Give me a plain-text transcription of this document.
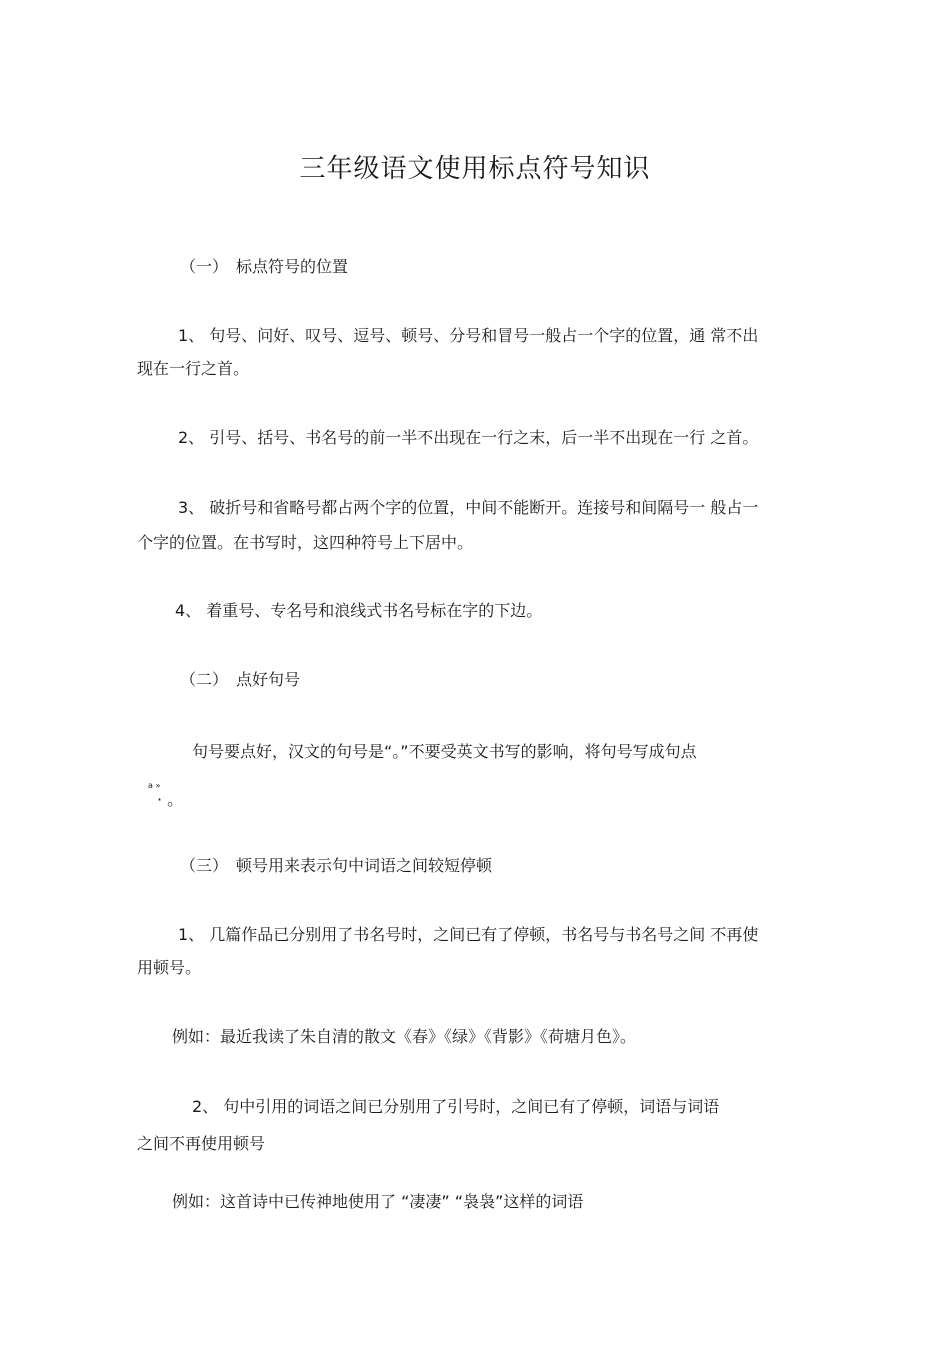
三年级语文使用标点符号知识
（一）　标点符号的位置
1、 句号、问好、叹号、逗号、顿号、分号和冒号一般占一个字的位置，通 常不出
现在一行之首。
2、 引号、括号、书名号的前一半不出现在一行之末，后一半不出现在一行 之首。
3、 破折号和省略号都占两个字的位置，中间不能断开。连接号和间隔号一 般占一
个字的位置。在书写时，这四种符号上下居中。
4、 着重号、专名号和浪线式书名号标在字的下边。
（二）　点好句号
句号要点好，汉文的句号是“。”不要受英文书写的影响，将句号写成句点
a »
· 。
（三）　顿号用来表示句中词语之间较短停顿
1、 几篇作品已分别用了书名号时，之间已有了停顿，书名号与书名号之间 不再使
用顿号。
例如：最近我读了朱自清的散文《春》《绿》《背影》《荷塘月色》。
2、 句中引用的词语之间已分别用了引号时，之间已有了停顿，词语与词语
之间不再使用顿号
例如：这首诗中已传神地使用了 “凄凄” “袅袅”这样的词语
